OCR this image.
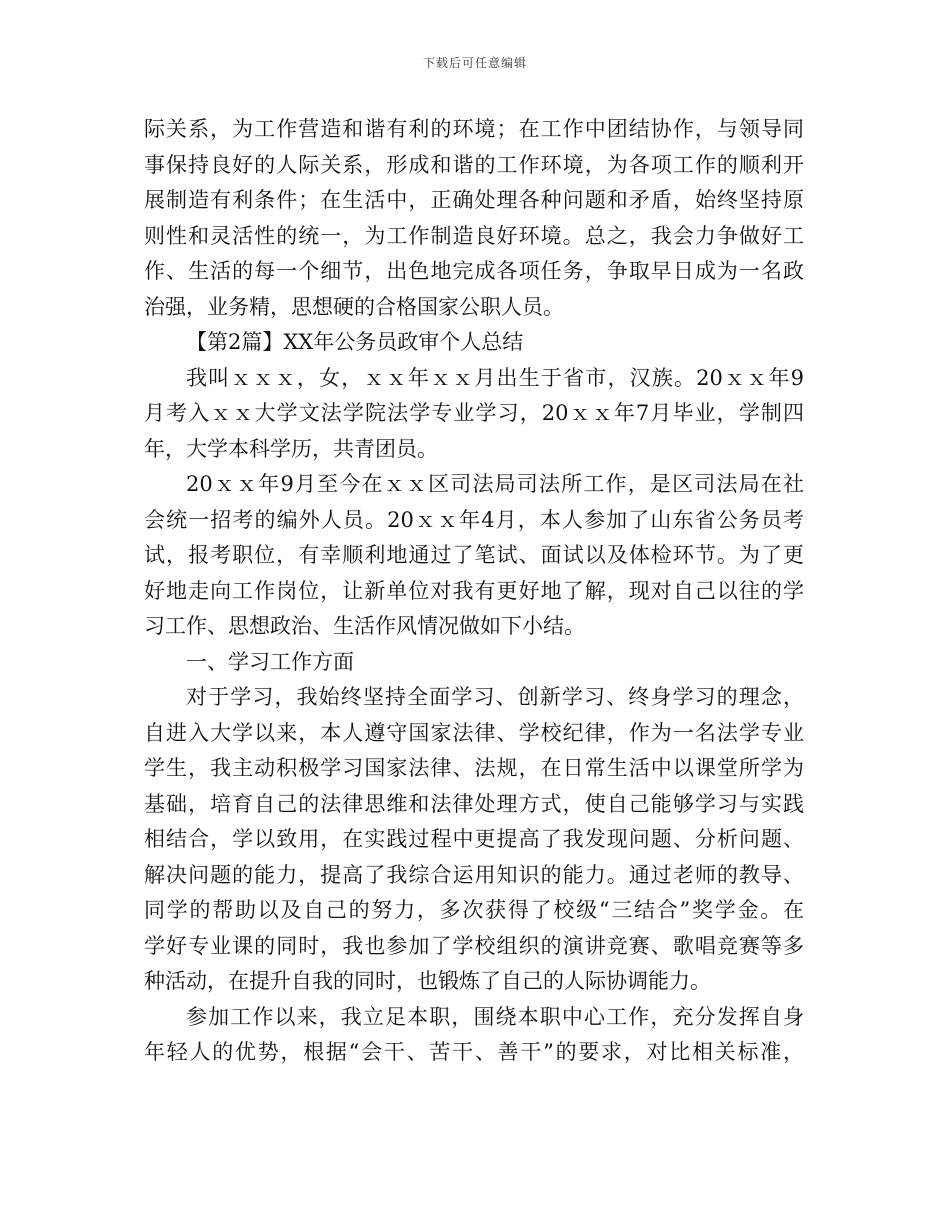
下载后可任意编辑
际关系，为工作营造和谐有利的环境；在工作中团结协作，与领导同
事保持良好的人际关系，形成和谐的工作环境，为各项工作的顺利开
展制造有利条件；在生活中，正确处理各种问题和矛盾，始终坚持原
则性和灵活性的统一，为工作制造良好环境。总之，我会力争做好工
作、生活的每一个细节，出色地完成各项任务，争取早日成为一名政
治强，业务精，思想硬的合格国家公职人员。
【第2篇】XX年公务员政审个人总结
我叫ｘｘｘ，女，ｘｘ年ｘｘ月出生于省市，汉族。20ｘｘ年9
月考入ｘｘ大学文法学院法学专业学习，20ｘｘ年7月毕业，学制四
年，大学本科学历，共青团员。
20ｘｘ年9月至今在ｘｘ区司法局司法所工作，是区司法局在社
会统一招考的编外人员。20ｘｘ年4月，本人参加了山东省公务员考
试，报考职位，有幸顺利地通过了笔试、面试以及体检环节。为了更
好地走向工作岗位，让新单位对我有更好地了解，现对自己以往的学
习工作、思想政治、生活作风情况做如下小结。
一、学习工作方面
对于学习，我始终坚持全面学习、创新学习、终身学习的理念，
自进入大学以来，本人遵守国家法律、学校纪律，作为一名法学专业
学生，我主动积极学习国家法律、法规，在日常生活中以课堂所学为
基础，培育自己的法律思维和法律处理方式，使自己能够学习与实践
相结合，学以致用，在实践过程中更提高了我发现问题、分析问题、
解决问题的能力，提高了我综合运用知识的能力。通过老师的教导、
同学的帮助以及自己的努力，多次获得了校级“三结合”奖学金。在
学好专业课的同时，我也参加了学校组织的演讲竞赛、歌唱竞赛等多
种活动，在提升自我的同时，也锻炼了自己的人际协调能力。
参加工作以来，我立足本职，围绕本职中心工作，充分发挥自身
年轻人的优势，根据“会干、苦干、善干”的要求，对比相关标准，
